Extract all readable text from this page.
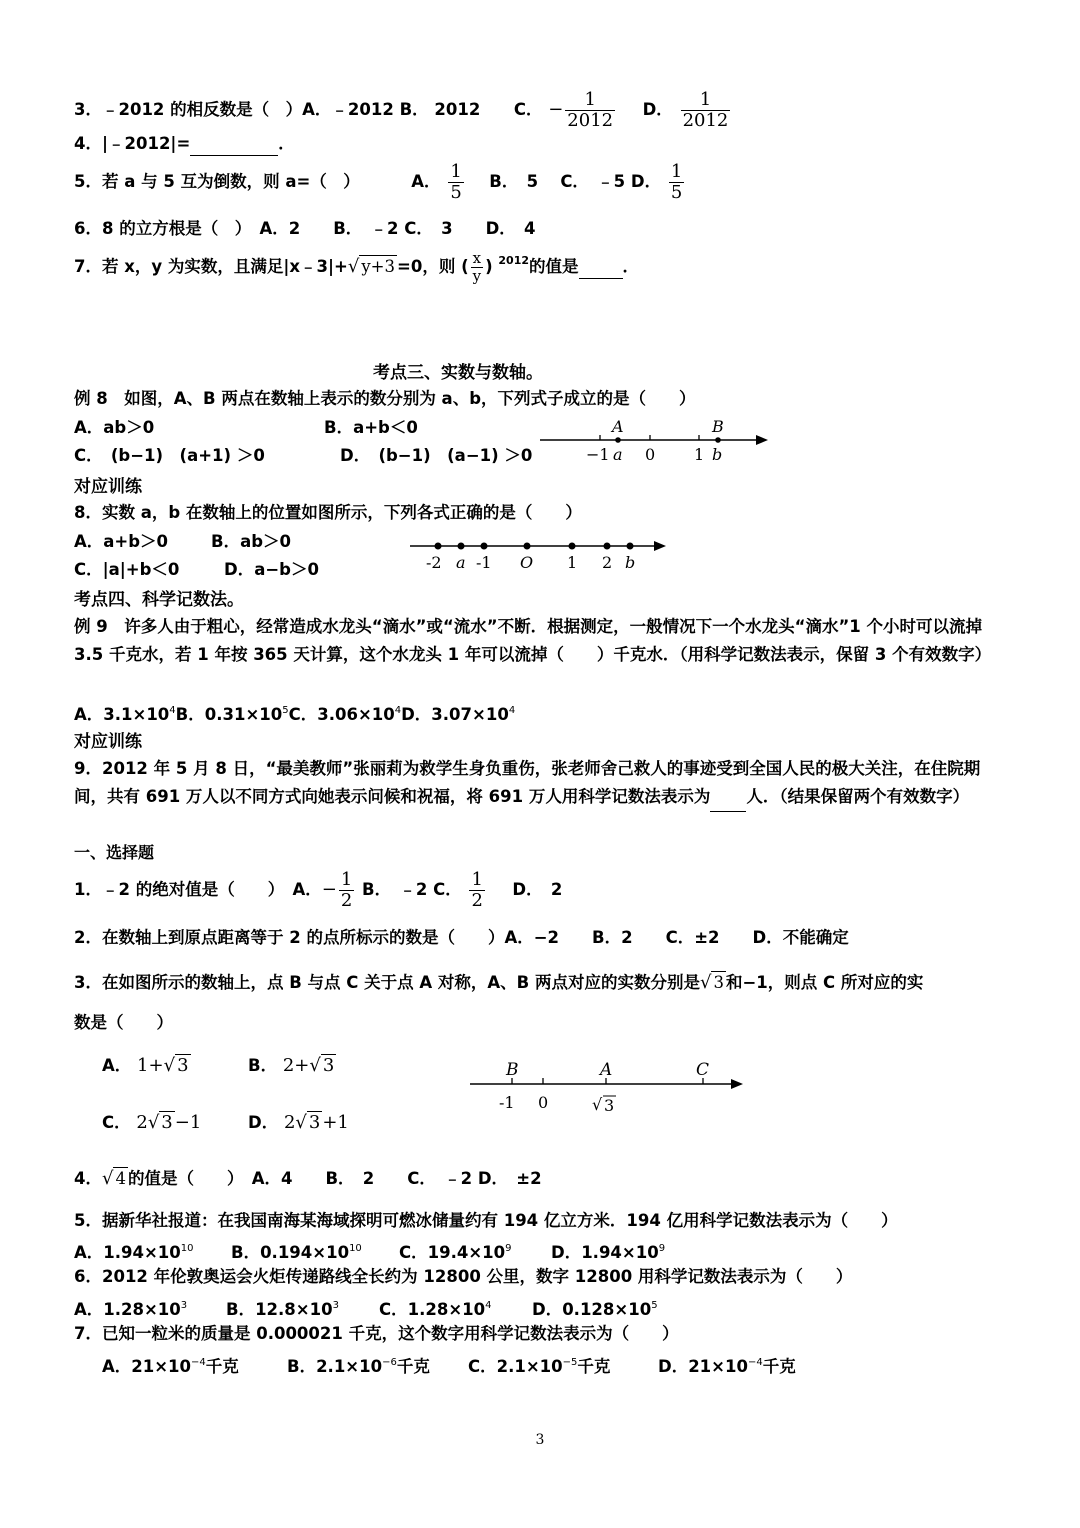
3．﹣2012 的相反数是（　）A．﹣2012 B． 2012 C． − $\frac{1}{2012}$ D． $\frac{1}{2012}$
4．|﹣2012|=	．
5．若 a 与 5 互为倒数，则 a=（　）	A． $\frac{1}{5}$ B．　5　 C．　﹣5 D． $\frac{1}{5}$
6．8 的立方根是（　）　A．2　　B．　﹣2 C．　3　　D．　4
7．若 x，y 为实数，且满足|x﹣3|+√ y+3 =0，则 ( $\frac{x}{y}$ ) 2012的值是	．
考点三、实数与数轴。
例 8　如图，A、B 两点在数轴上表示的数分别为 a、b，下列式子成立的是（　　）
A．ab＞0	B．a+b＜0
C．　(b−1)　(a+1) ＞0	D．　(b−1)　(a−1) ＞0
A	B
−1 a 0 1 b
对应训练
8．实数 a，b 在数轴上的位置如图所示，下列各式正确的是（　　）
A．a+b＞0	B．ab＞0
C．|a|+b＜0	D．a−b＞0	-2 a -1 O 1 2 b
考点四、科学记数法。
例 9　许多人由于粗心，经常造成水龙头“滴水”或“流水”不断．根据测定，一般情况下一个水龙头“滴水”1 个小时可以流掉 3.5 千克水，若 1 年按 365 天计算，这个水龙头 1 年可以流掉（　　）千克水．（用科学记数法表示，保留 3 个有效数字）
A．$3.1\times 10^4B$．$0.31\times 10^5C$．$3.06\times 10^4D$．$3.07\times 10^4$
对应训练
9．2012 年 5 月 8 日，“最美教师”张丽莉为救学生身负重伤，张老师舍己救人的事迹受到全国人民的极大关注，在住院期间，共有 691 万人以不同方式向她表示问候和祝福，将 691 万人用科学记数法表示为 人．（结果保留两个有效数字）
一、选择题
1．﹣2 的绝对值是（　　）　A．− $\frac{1}{2}$ B．　﹣2 C． $\frac{1}{2}$ D．　2
2．在数轴上到原点距离等于 2 的点所标示的数是（　　）A．−2　　B．2　　C．±2　　D．不能确定
3．在如图所示的数轴上，点 B 与点 C 关于点 A 对称，A、B 两点对应的实数分别是√ 3 和−1，则点 C 所对应的实
数是（　　）
A． 1+√ 3	B． 2+√ 3
C． 2√ 3 −1	D． 2√ 3 +1
B	A	C
-1 0	√ 3
4．√ 4 的值是（　　）　A．4　　B．　2　　C．　﹣2 D．　±2
5．据新华社报道：在我国南海某海域探明可燃冰储量约有 194 亿立方米．194 亿用科学记数法表示为（　　）
A．$1.94\times 10^{10}$ B．$0.194\times 10^{10}$ C．$19.4\times 10^9$ D．$1.94\times 10^9$
6．2012 年伦敦奥运会火炬传递路线全长约为 12800 公里，数字 12800 用科学记数法表示为（　　）
A．$1.28\times 10^3$ B．$12.8\times 10^3$ C．$1.28\times 10^4$ D．$0.128\times 10^5$
7．已知一粒米的质量是 0.000021 千克，这个数字用科学记数法表示为（　　）
A．$21\times 10^{-4}$千克	B．$2.1\times 10^{-6}$千克 C．$2.1\times 10^{-5}$千克	D．$21\times 10^{-4}$千克
3
